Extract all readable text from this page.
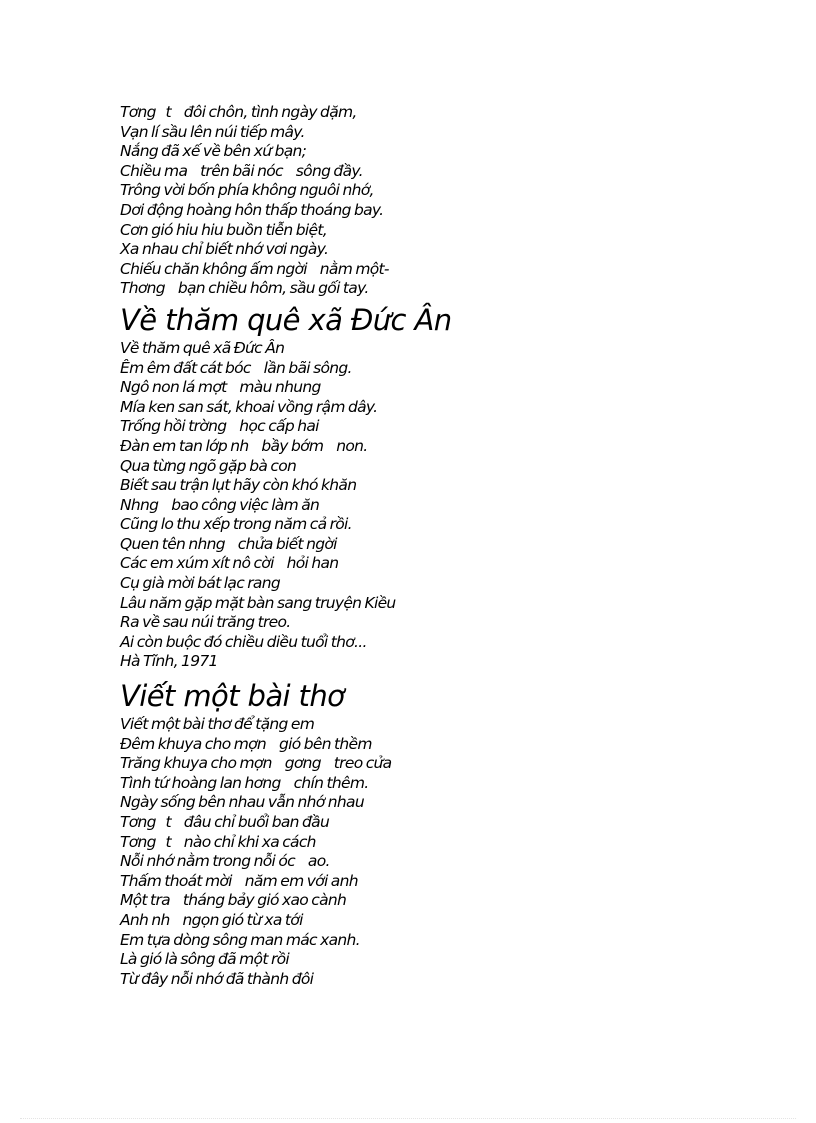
Tơng   t    đôi chôn, tình ngày dặm,
Vạn lí sầu lên núi tiếp mây.
Nắng đã xế về bên xứ bạn;
Chiều ma    trên bãi nóc    sông đầy.
Trông vời bốn phía không nguôi nhớ,
Dơi động hoàng hôn thấp thoáng bay.
Cơn gió hiu hiu buồn tiễn biệt,
Xa nhau chỉ biết nhớ vơi ngày.
Chiếu chăn không ấm ngời    nằm một-
Thơng    bạn chiều hôm, sầu gối tay.
Về thăm quê xã Đức Ân
Về thăm quê xã Đức Ân
Êm êm đất cát bóc    lần bãi sông.
Ngô non lá mợt    màu nhung
Mía ken san sát, khoai vồng rậm dây.
Trống hồi trờng    học cấp hai
Đàn em tan lớp nh    bầy bớm    non.
Qua từng ngõ gặp bà con
Biết sau trận lụt hãy còn khó khăn
Nhng    bao công việc làm ăn
Cũng lo thu xếp trong năm cả rồi.
Quen tên nhng    chửa biết ngời
Các em xúm xít nô cời    hỏi han
Cụ già mời bát lạc rang
Lâu năm gặp mặt bàn sang truyện Kiều
Ra về sau núi trăng treo.
Ai còn buộc đó chiều diều tuổi thơ...
Hà Tĩnh, 1971
Viết một bài thơ
Viết một bài thơ để tặng em
Đêm khuya cho mợn    gió bên thềm
Trăng khuya cho mợn    gơng    treo cửa
Tình tứ hoàng lan hơng    chín thêm.
Ngày sống bên nhau vẫn nhớ nhau
Tơng   t    đâu chỉ buổi ban đầu
Tơng   t    nào chỉ khi xa cách
Nỗi nhớ nằm trong nỗi óc    ao.
Thấm thoát mời    năm em với anh
Một tra    tháng bảy gió xao cành
Anh nh    ngọn gió từ xa tới
Em tựa dòng sông man mác xanh.
Là gió là sông đã một rồi
Từ đây nỗi nhớ đã thành đôi
